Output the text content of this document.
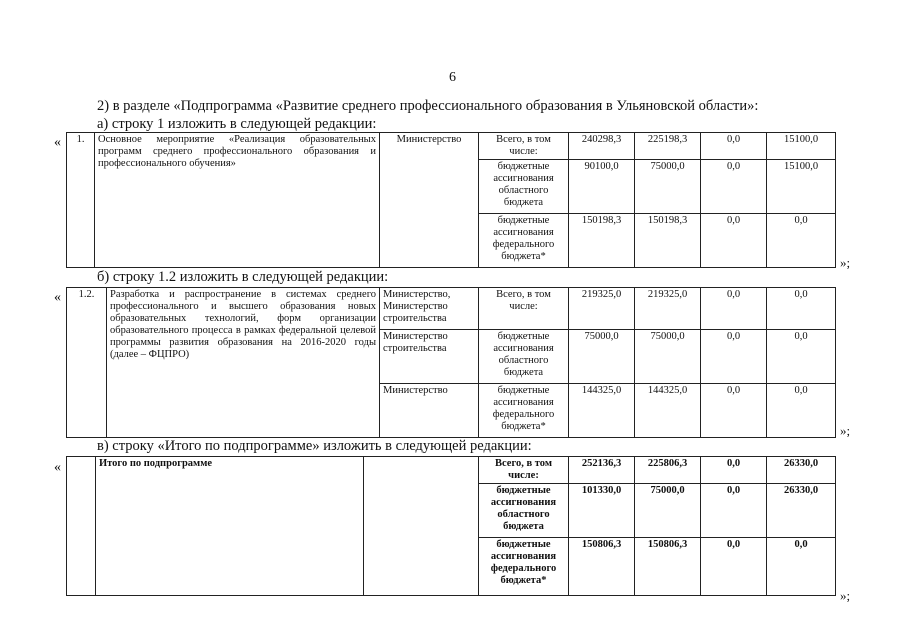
6
2) в разделе «Подпрограмма «Развитие среднего профессионального образования в Ульяновской области»:
а) строку 1 изложить в следующей редакции:
« 1.	Основное мероприятие «Реализация образовательных программ среднего профессионального образования и профессионального обучения»	Министерство	Всего, в том числе:	240298,3	225198,3	0,0	15100,0
			бюджетные ассигнования областного бюджета	90100,0	75000,0	0,0	15100,0
			бюджетные ассигнования федерального бюджета*	150198,3	150198,3	0,0	0,0
»;
б) строку 1.2 изложить в следующей редакции:
« 1.2.	Разработка и распространение в системах среднего профессионального и высшего образования новых образовательных технологий, форм организации образовательного процесса в рамках федеральной целевой программы развития образования на 2016-2020 годы (далее – ФЦПРО)	Министерство, Министерство строительства	Всего, в том числе:	219325,0	219325,0	0,0	0,0
		Министерство строительства	бюджетные ассигнования областного бюджета	75000,0	75000,0	0,0	0,0
		Министерство	бюджетные ассигнования федерального бюджета*	144325,0	144325,0	0,0	0,0
»;
в) строку «Итого по подпрограмме» изложить в следующей редакции:
«
		Итого по подпрограмме		Всего, в том числе:	252136,3	225806,3	0,0	26330,0
			бюджетные ассигнования областного бюджета	101330,0	75000,0	0,0	26330,0
			бюджетные ассигнования федерального бюджета*	150806,3	150806,3	0,0	0,0
»;
